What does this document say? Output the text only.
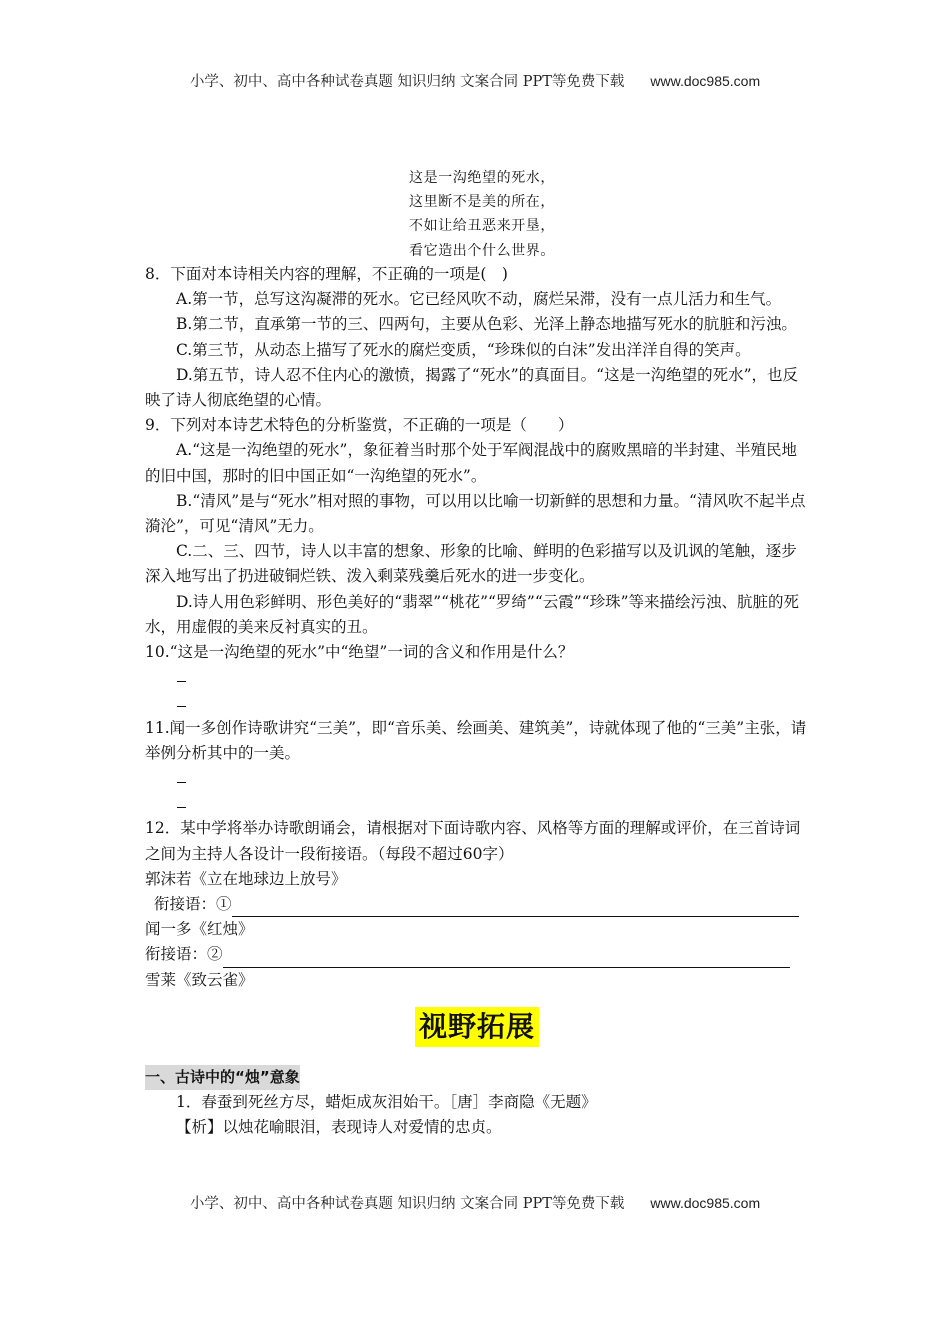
小学、初中、高中各种试卷真题 知识归纳 文案合同 PPT等免费下载 www.doc985.com
这是一沟绝望的死水，
这里断不是美的所在，
不如让给丑恶来开垦，
看它造出个什么世界。

8．下面对本诗相关内容的理解，不正确的一项是(　)

A.第一节，总写这沟凝滞的死水。它已经风吹不动，腐烂呆滞，没有一点儿活力和生气。

B.第二节，直承第一节的三、四两句，主要从色彩、光泽上静态地描写死水的肮脏和污浊。

C.第三节，从动态上描写了死水的腐烂变质，“珍珠似的白沫”发出洋洋自得的笑声。

D.第五节，诗人忍不住内心的激愤，揭露了“死水”的真面目。“这是一沟绝望的死水”，也反映了诗人彻底绝望的心情。

9．下列对本诗艺术特色的分析鉴赏，不正确的一项是（　　）

A.“这是一沟绝望的死水”，象征着当时那个处于军阀混战中的腐败黑暗的半封建、半殖民地的旧中国，那时的旧中国正如“一沟绝望的死水”。

B.“清风”是与“死水”相对照的事物，可以用以比喻一切新鲜的思想和力量。“清风吹不起半点漪沦”，可见“清风”无力。

C.二、三、四节，诗人以丰富的想象、形象的比喻、鲜明的色彩描写以及讥讽的笔触，逐步深入地写出了扔进破铜烂铁、泼入剩菜残羹后死水的进一步变化。

D.诗人用色彩鲜明、形色美好的“翡翠”“桃花”“罗绮”“云霞”“珍珠”等来描绘污浊、肮脏的死水，用虚假的美来反衬真实的丑。

10.“这是一沟绝望的死水”中“绝望”一词的含义和作用是什么？

11.闻一多创作诗歌讲究“三美”，即“音乐美、绘画美、建筑美”，诗就体现了他的“三美”主张，请举例分析其中的一美。

12．某中学将举办诗歌朗诵会，请根据对下面诗歌内容、风格等方面的理解或评价，在三首诗词之间为主持人各设计一段衔接语。（每段不超过60字）

郭沫若《立在地球边上放号》

衔接语：①

闻一多《红烛》

衔接语：②

雪莱《致云雀》

视野拓展

一、古诗中的“烛”意象

1．春蚕到死丝方尽，蜡炬成灰泪始干。［唐］李商隐《无题》

【析】以烛花喻眼泪，表现诗人对爱情的忠贞。

小学、初中、高中各种试卷真题 知识归纳 文案合同 PPT等免费下载 www.doc985.com
